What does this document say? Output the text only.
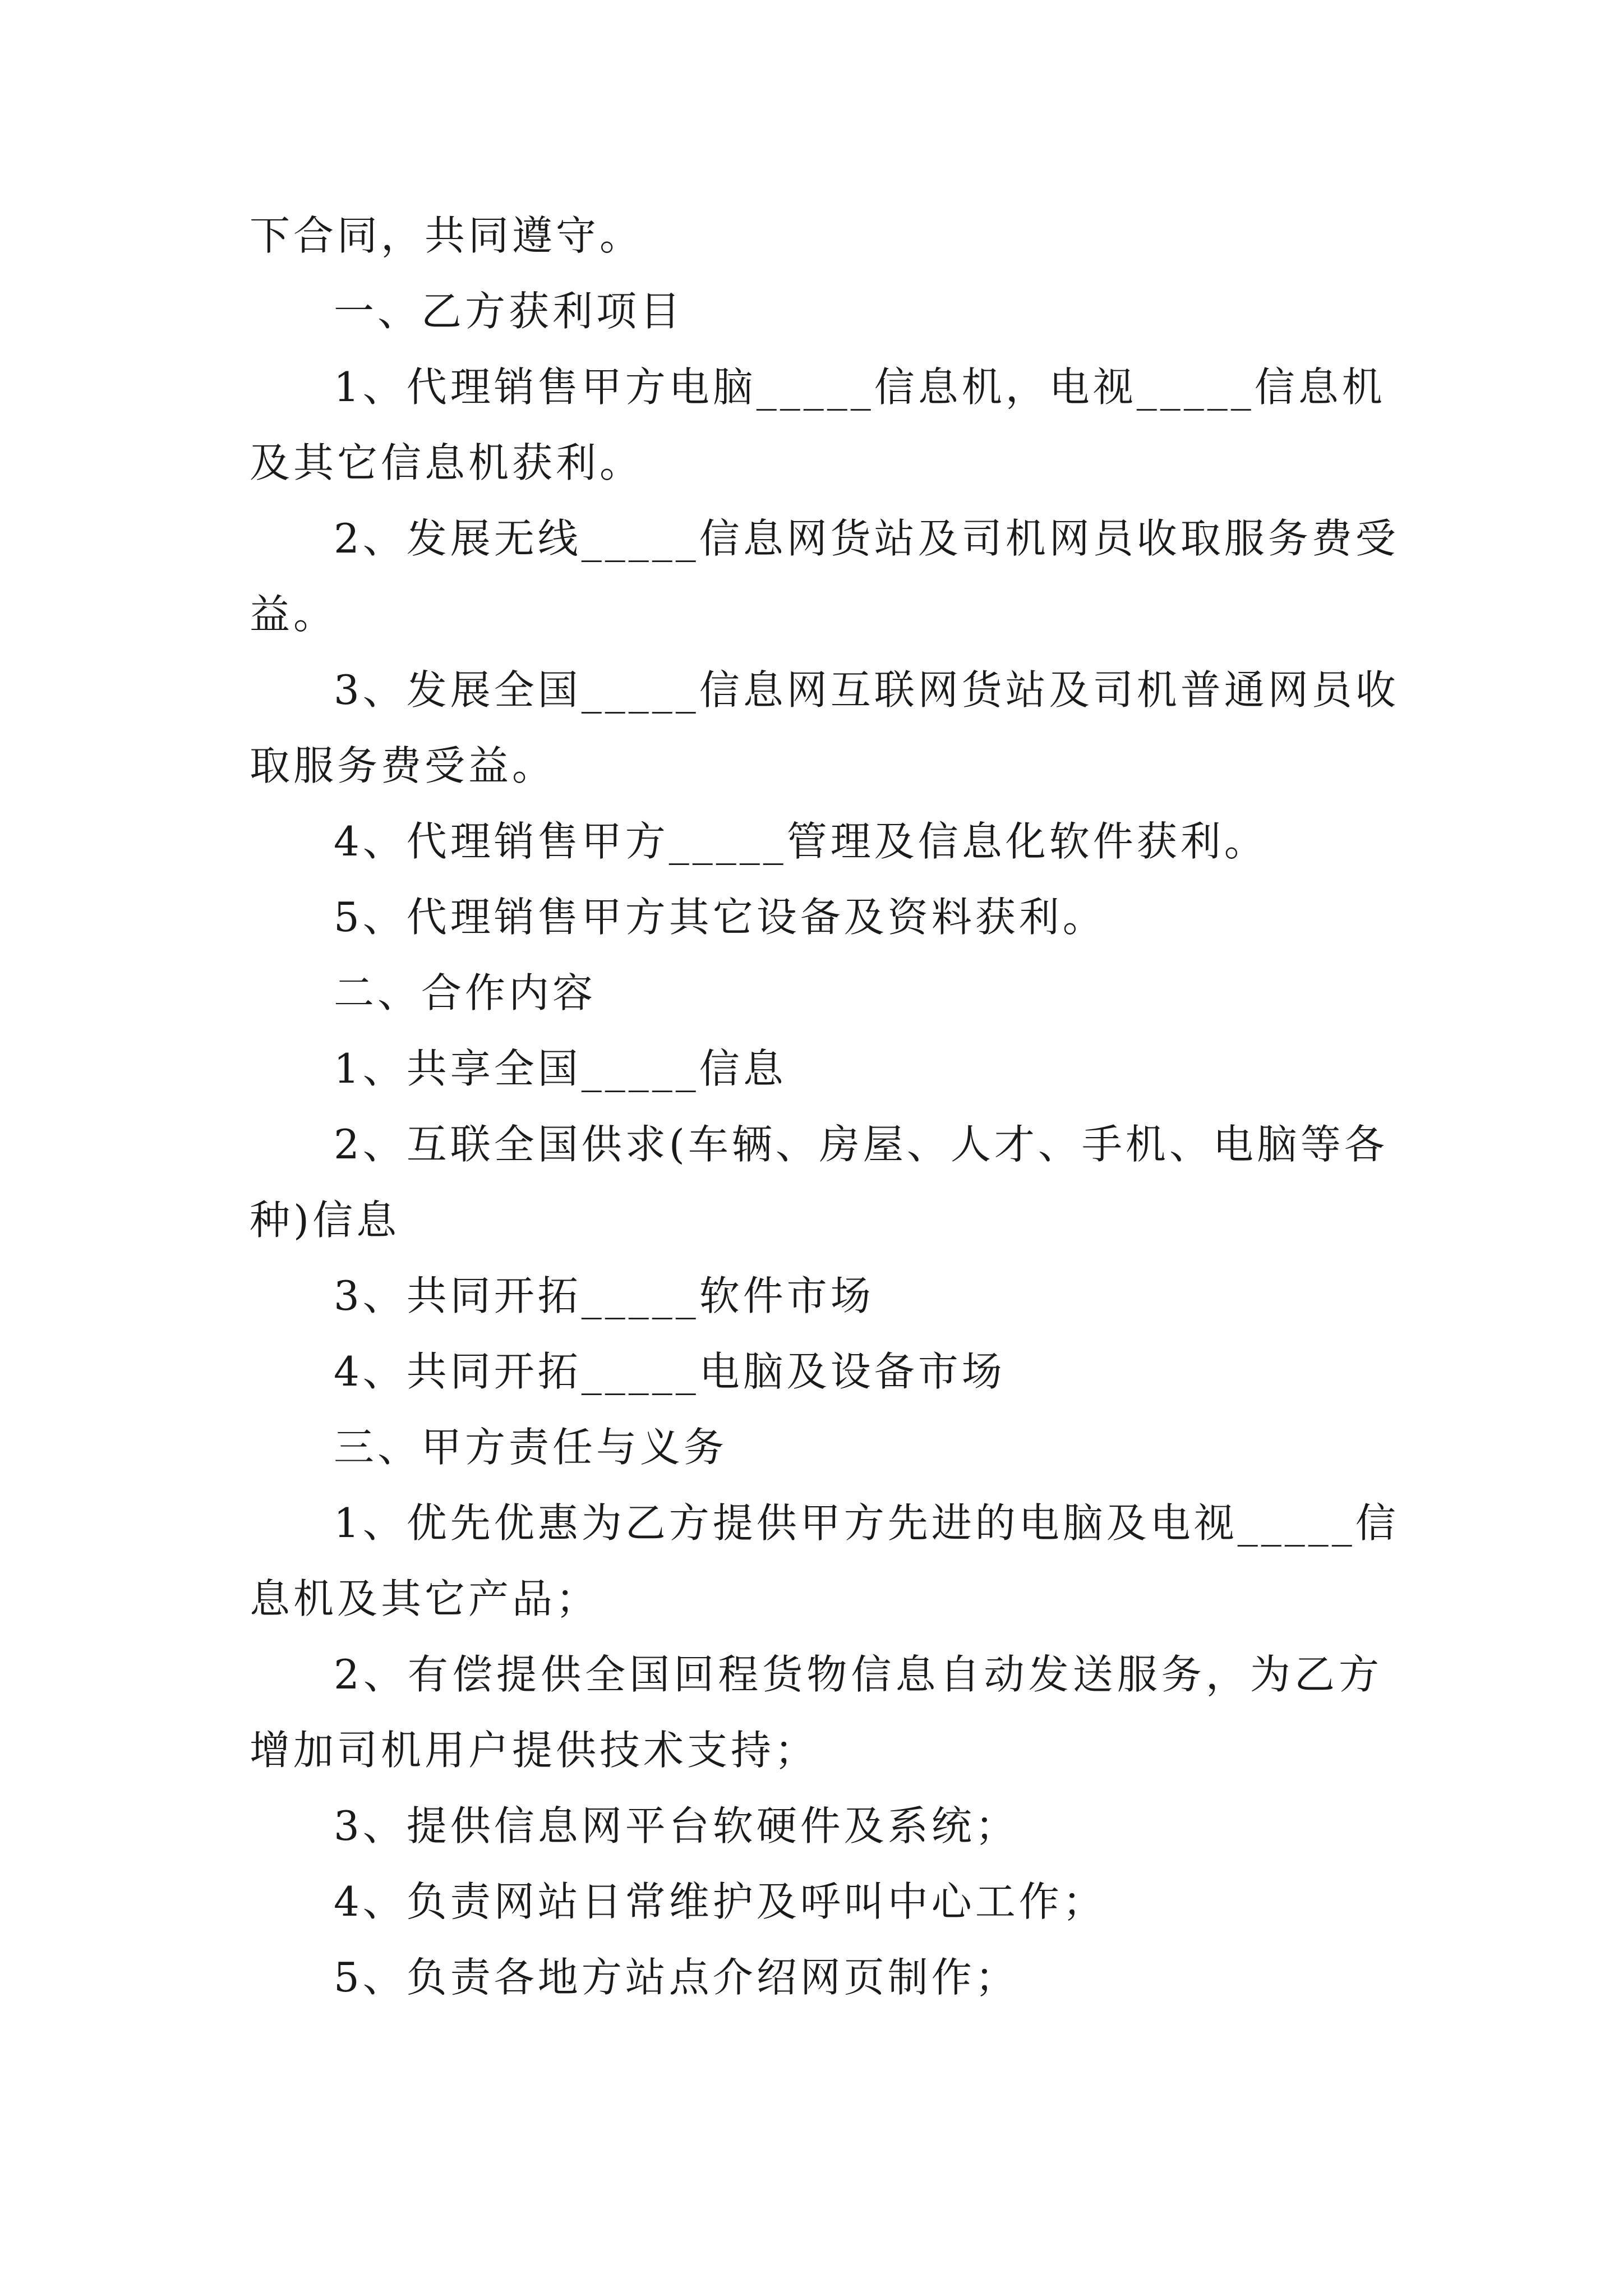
下合同，共同遵守。
一、乙方获利项目
1、代理销售甲方电脑_____信息机，电视_____信息机
及其它信息机获利。
2、发展无线_____信息网货站及司机网员收取服务费受
益。
3、发展全国_____信息网互联网货站及司机普通网员收
取服务费受益。
4、代理销售甲方_____管理及信息化软件获利。
5、代理销售甲方其它设备及资料获利。
二、合作内容
1、共享全国_____信息
2、互联全国供求(车辆、房屋、人才、手机、电脑等各
种)信息
3、共同开拓_____软件市场
4、共同开拓_____电脑及设备市场
三、甲方责任与义务
1、优先优惠为乙方提供甲方先进的电脑及电视_____信
息机及其它产品；
2、有偿提供全国回程货物信息自动发送服务，为乙方
增加司机用户提供技术支持；
3、提供信息网平台软硬件及系统；
4、负责网站日常维护及呼叫中心工作；
5、负责各地方站点介绍网页制作；
